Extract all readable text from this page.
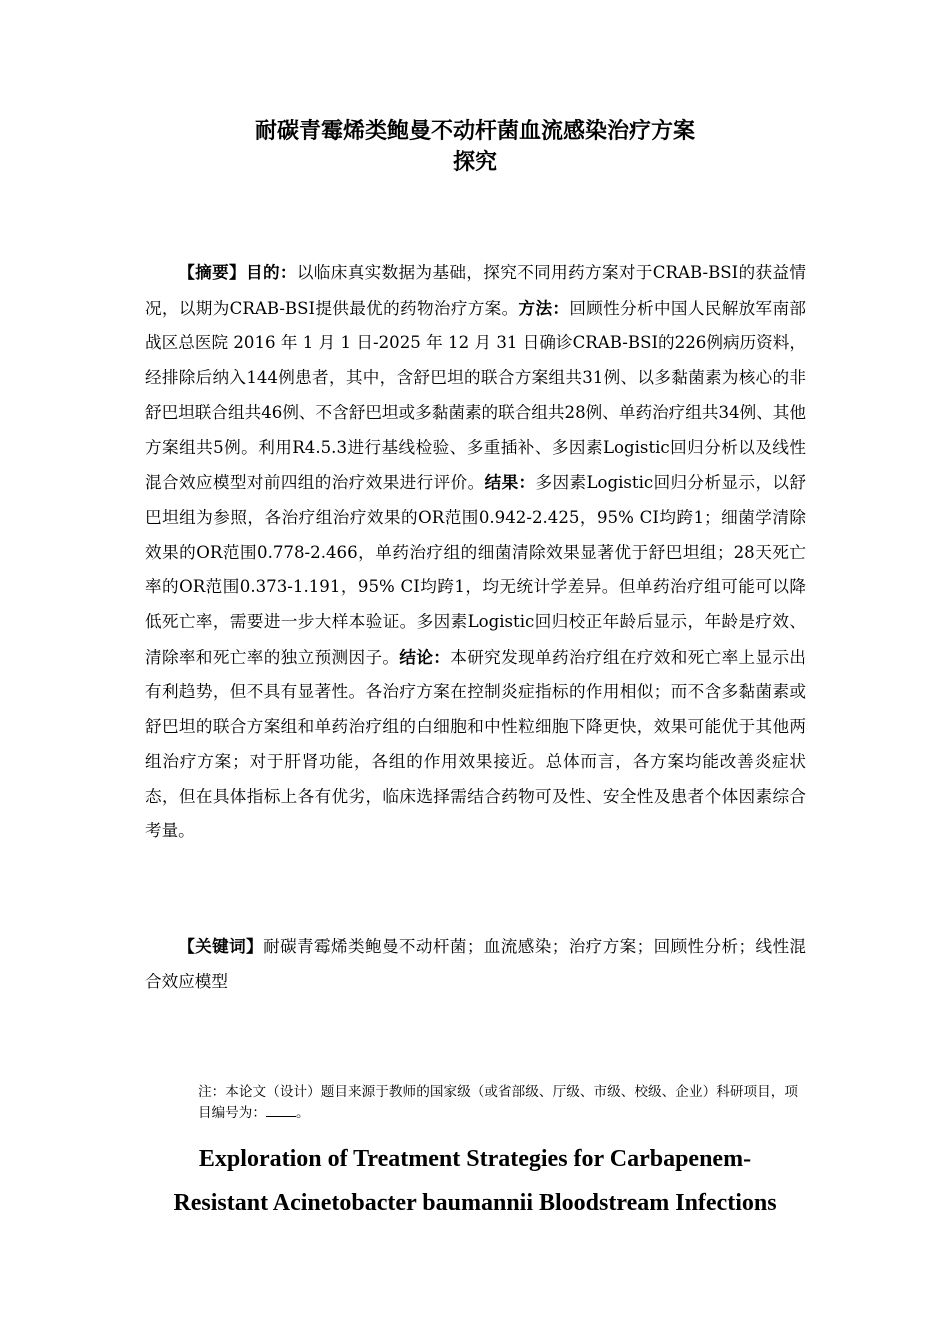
耐碳青霉烯类鲍曼不动杆菌血流感染治疗方案
探究

【摘要】目的：以临床真实数据为基础，探究不同用药方案对于CRAB-BSI的获益情况，以期为CRAB-BSI提供最优的药物治疗方案。方法：回顾性分析中国人民解放军南部战区总医院 2016 年 1 月 1 日-2025 年 12 月 31 日确诊CRAB-BSI的226例病历资料，经排除后纳入144例患者，其中，含舒巴坦的联合方案组共31例、以多黏菌素为核心的非舒巴坦联合组共46例、不含舒巴坦或多黏菌素的联合组共28例、单药治疗组共34例、其他方案组共5例。利用R4.5.3进行基线检验、多重插补、多因素Logistic回归分析以及线性混合效应模型对前四组的治疗效果进行评价。结果：多因素Logistic回归分析显示，以舒巴坦组为参照，各治疗组治疗效果的OR范围0.942-2.425，95% CI均跨1；细菌学清除效果的OR范围0.778-2.466，单药治疗组的细菌清除效果显著优于舒巴坦组；28天死亡率的OR范围0.373-1.191，95% CI均跨1，均无统计学差异。但单药治疗组可能可以降低死亡率，需要进一步大样本验证。多因素Logistic回归校正年龄后显示，年龄是疗效、清除率和死亡率的独立预测因子。结论：本研究发现单药治疗组在疗效和死亡率上显示出有利趋势，但不具有显著性。各治疗方案在控制炎症指标的作用相似；而不含多黏菌素或舒巴坦的联合方案组和单药治疗组的白细胞和中性粒细胞下降更快，效果可能优于其他两组治疗方案；对于肝肾功能，各组的作用效果接近。总体而言，各方案均能改善炎症状态，但在具体指标上各有优劣，临床选择需结合药物可及性、安全性及患者个体因素综合考量。

【关键词】耐碳青霉烯类鲍曼不动杆菌；血流感染；治疗方案；回顾性分析；线性混合效应模型

注：本论文（设计）题目来源于教师的国家级（或省部级、厅级、市级、校级、企业）科研项目，项目编号为： 。

Exploration of Treatment Strategies for Carbapenem-
Resistant Acinetobacter baumannii Bloodstream Infections
